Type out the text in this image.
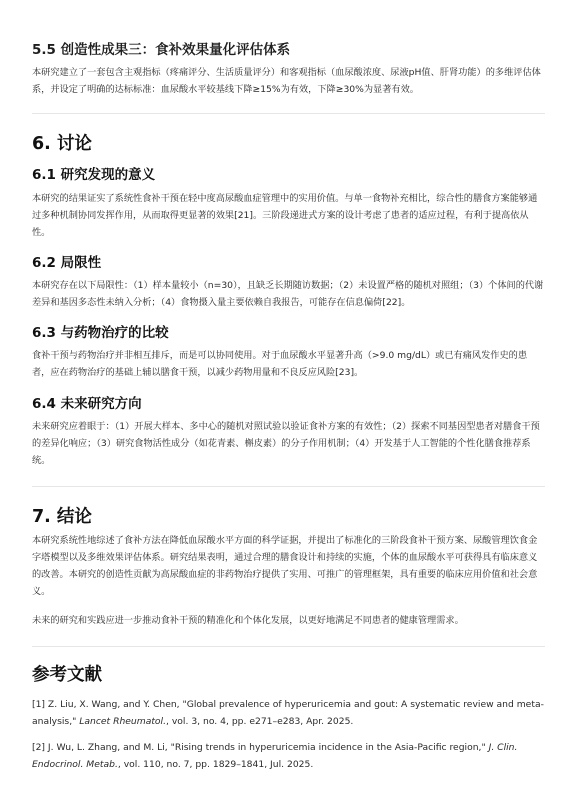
5.5 创造性成果三：食补效果量化评估体系

本研究建立了一套包含主观指标（疼痛评分、生活质量评分）和客观指标（血尿酸浓度、尿液pH值、肝肾功能）的多维评估体系，并设定了明确的达标标准：血尿酸水平较基线下降≥15%为有效，下降≥30%为显著有效。

6. 讨论
6.1 研究发现的意义

本研究的结果证实了系统性食补干预在轻中度高尿酸血症管理中的实用价值。与单一食物补充相比，综合性的膳食方案能够通过多种机制协同发挥作用，从而取得更显著的效果[21]。三阶段递进式方案的设计考虑了患者的适应过程，有利于提高依从性。

6.2 局限性

本研究存在以下局限性：（1）样本量较小（n=30），且缺乏长期随访数据；（2）未设置严格的随机对照组；（3）个体间的代谢差异和基因多态性未纳入分析；（4）食物摄入量主要依赖自我报告，可能存在信息偏倚[22]。

6.3 与药物治疗的比较

食补干预与药物治疗并非相互排斥，而是可以协同使用。对于血尿酸水平显著升高（>9.0 mg/dL）或已有痛风发作史的患者，应在药物治疗的基础上辅以膳食干预，以减少药物用量和不良反应风险[23]。

6.4 未来研究方向

未来研究应着眼于：（1）开展大样本、多中心的随机对照试验以验证食补方案的有效性；（2）探索不同基因型患者对膳食干预的差异化响应；（3）研究食物活性成分（如花青素、槲皮素）的分子作用机制；（4）开发基于人工智能的个性化膳食推荐系统。

7. 结论

本研究系统性地综述了食补方法在降低血尿酸水平方面的科学证据，并提出了标准化的三阶段食补干预方案、尿酸管理饮食金字塔模型以及多维效果评估体系。研究结果表明，通过合理的膳食设计和持续的实施，个体的血尿酸水平可获得具有临床意义的改善。本研究的创造性贡献为高尿酸血症的非药物治疗提供了实用、可推广的管理框架，具有重要的临床应用价值和社会意义。

未来的研究和实践应进一步推动食补干预的精准化和个体化发展，以更好地满足不同患者的健康管理需求。

参考文献
[1] Z. Liu, X. Wang, and Y. Chen, "Global prevalence of hyperuricemia and gout: A systematic review and meta-analysis," Lancet Rheumatol., vol. 3, no. 4, pp. e271–e283, Apr. 2025.
[2] J. Wu, L. Zhang, and M. Li, "Rising trends in hyperuricemia incidence in the Asia-Pacific region," J. Clin. Endocrinol. Metab., vol. 110, no. 7, pp. 1829–1841, Jul. 2025.
